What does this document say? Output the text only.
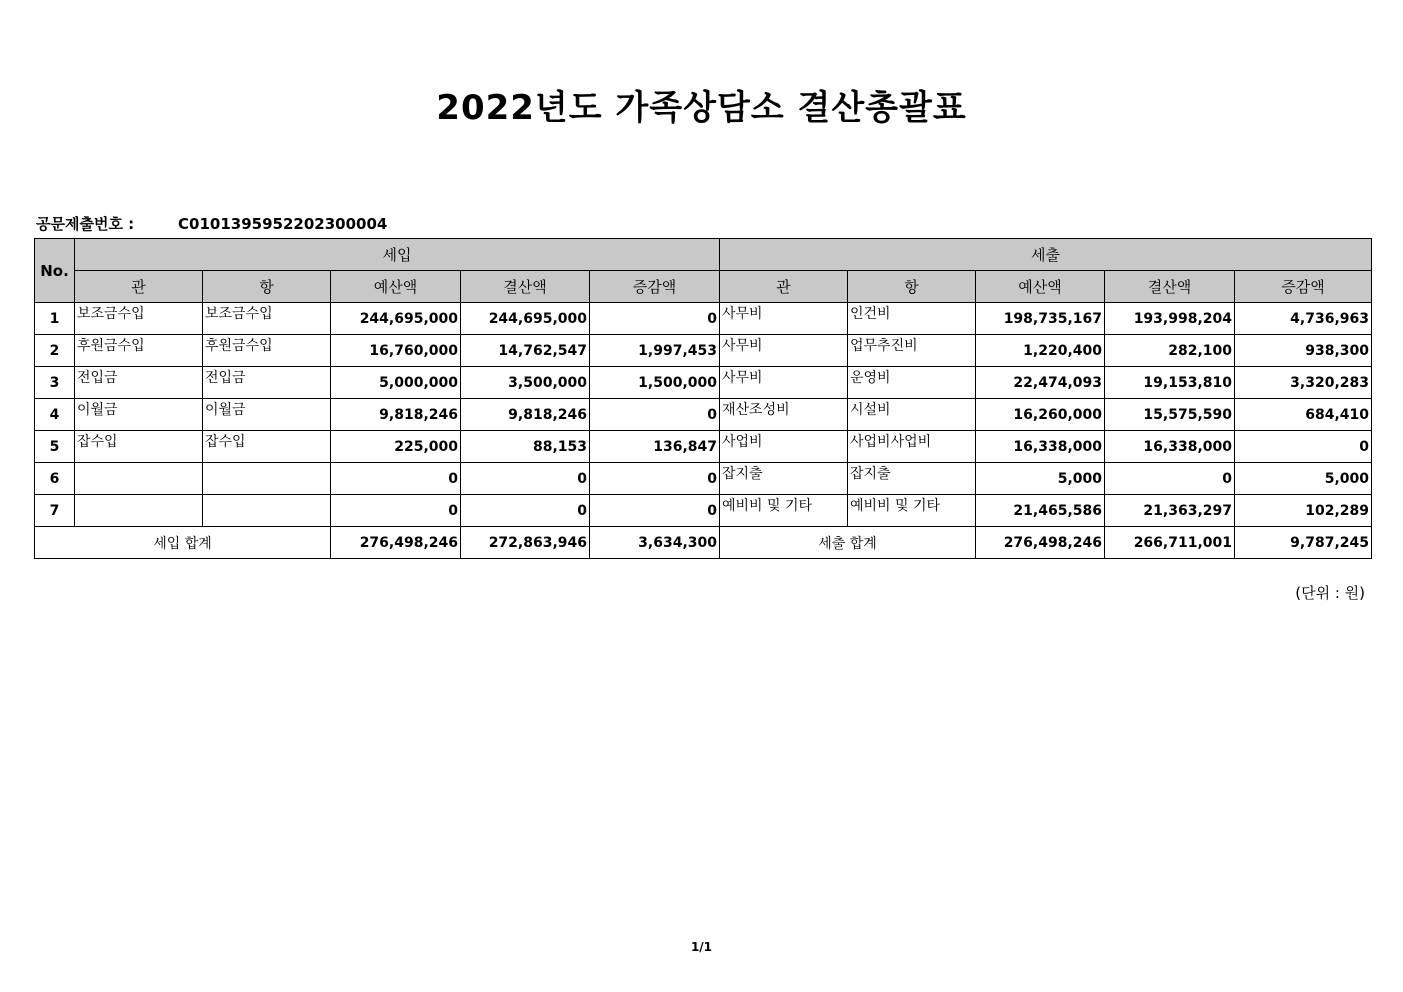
2022년도 가족상담소 결산총괄표
공문제출번호 :	C0101395952202300004
No.	세입					세출				
	관	항	예산액	결산액	증감액	관	항	예산액	결산액	증감액
1	보조금수입	보조금수입	244,695,000	244,695,000	0	사무비	인건비	198,735,167	193,998,204	4,736,963
2	후원금수입	후원금수입	16,760,000	14,762,547	1,997,453	사무비	업무추진비	1,220,400	282,100	938,300
3	전입금	전입금	5,000,000	3,500,000	1,500,000	사무비	운영비	22,474,093	19,153,810	3,320,283
4	이월금	이월금	9,818,246	9,818,246	0	재산조성비	시설비	16,260,000	15,575,590	684,410
5	잡수입	잡수입	225,000	88,153	136,847	사업비	사업비사업비	16,338,000	16,338,000	0
6			0	0	0	잡지출	잡지출	5,000	0	5,000
7			0	0	0	예비비 및 기타	예비비 및 기타	21,465,586	21,363,297	102,289
세입 합계			276,498,246	272,863,946	3,634,300	세출 합계		276,498,246	266,711,001	9,787,245
(단위 : 원)
1/1
